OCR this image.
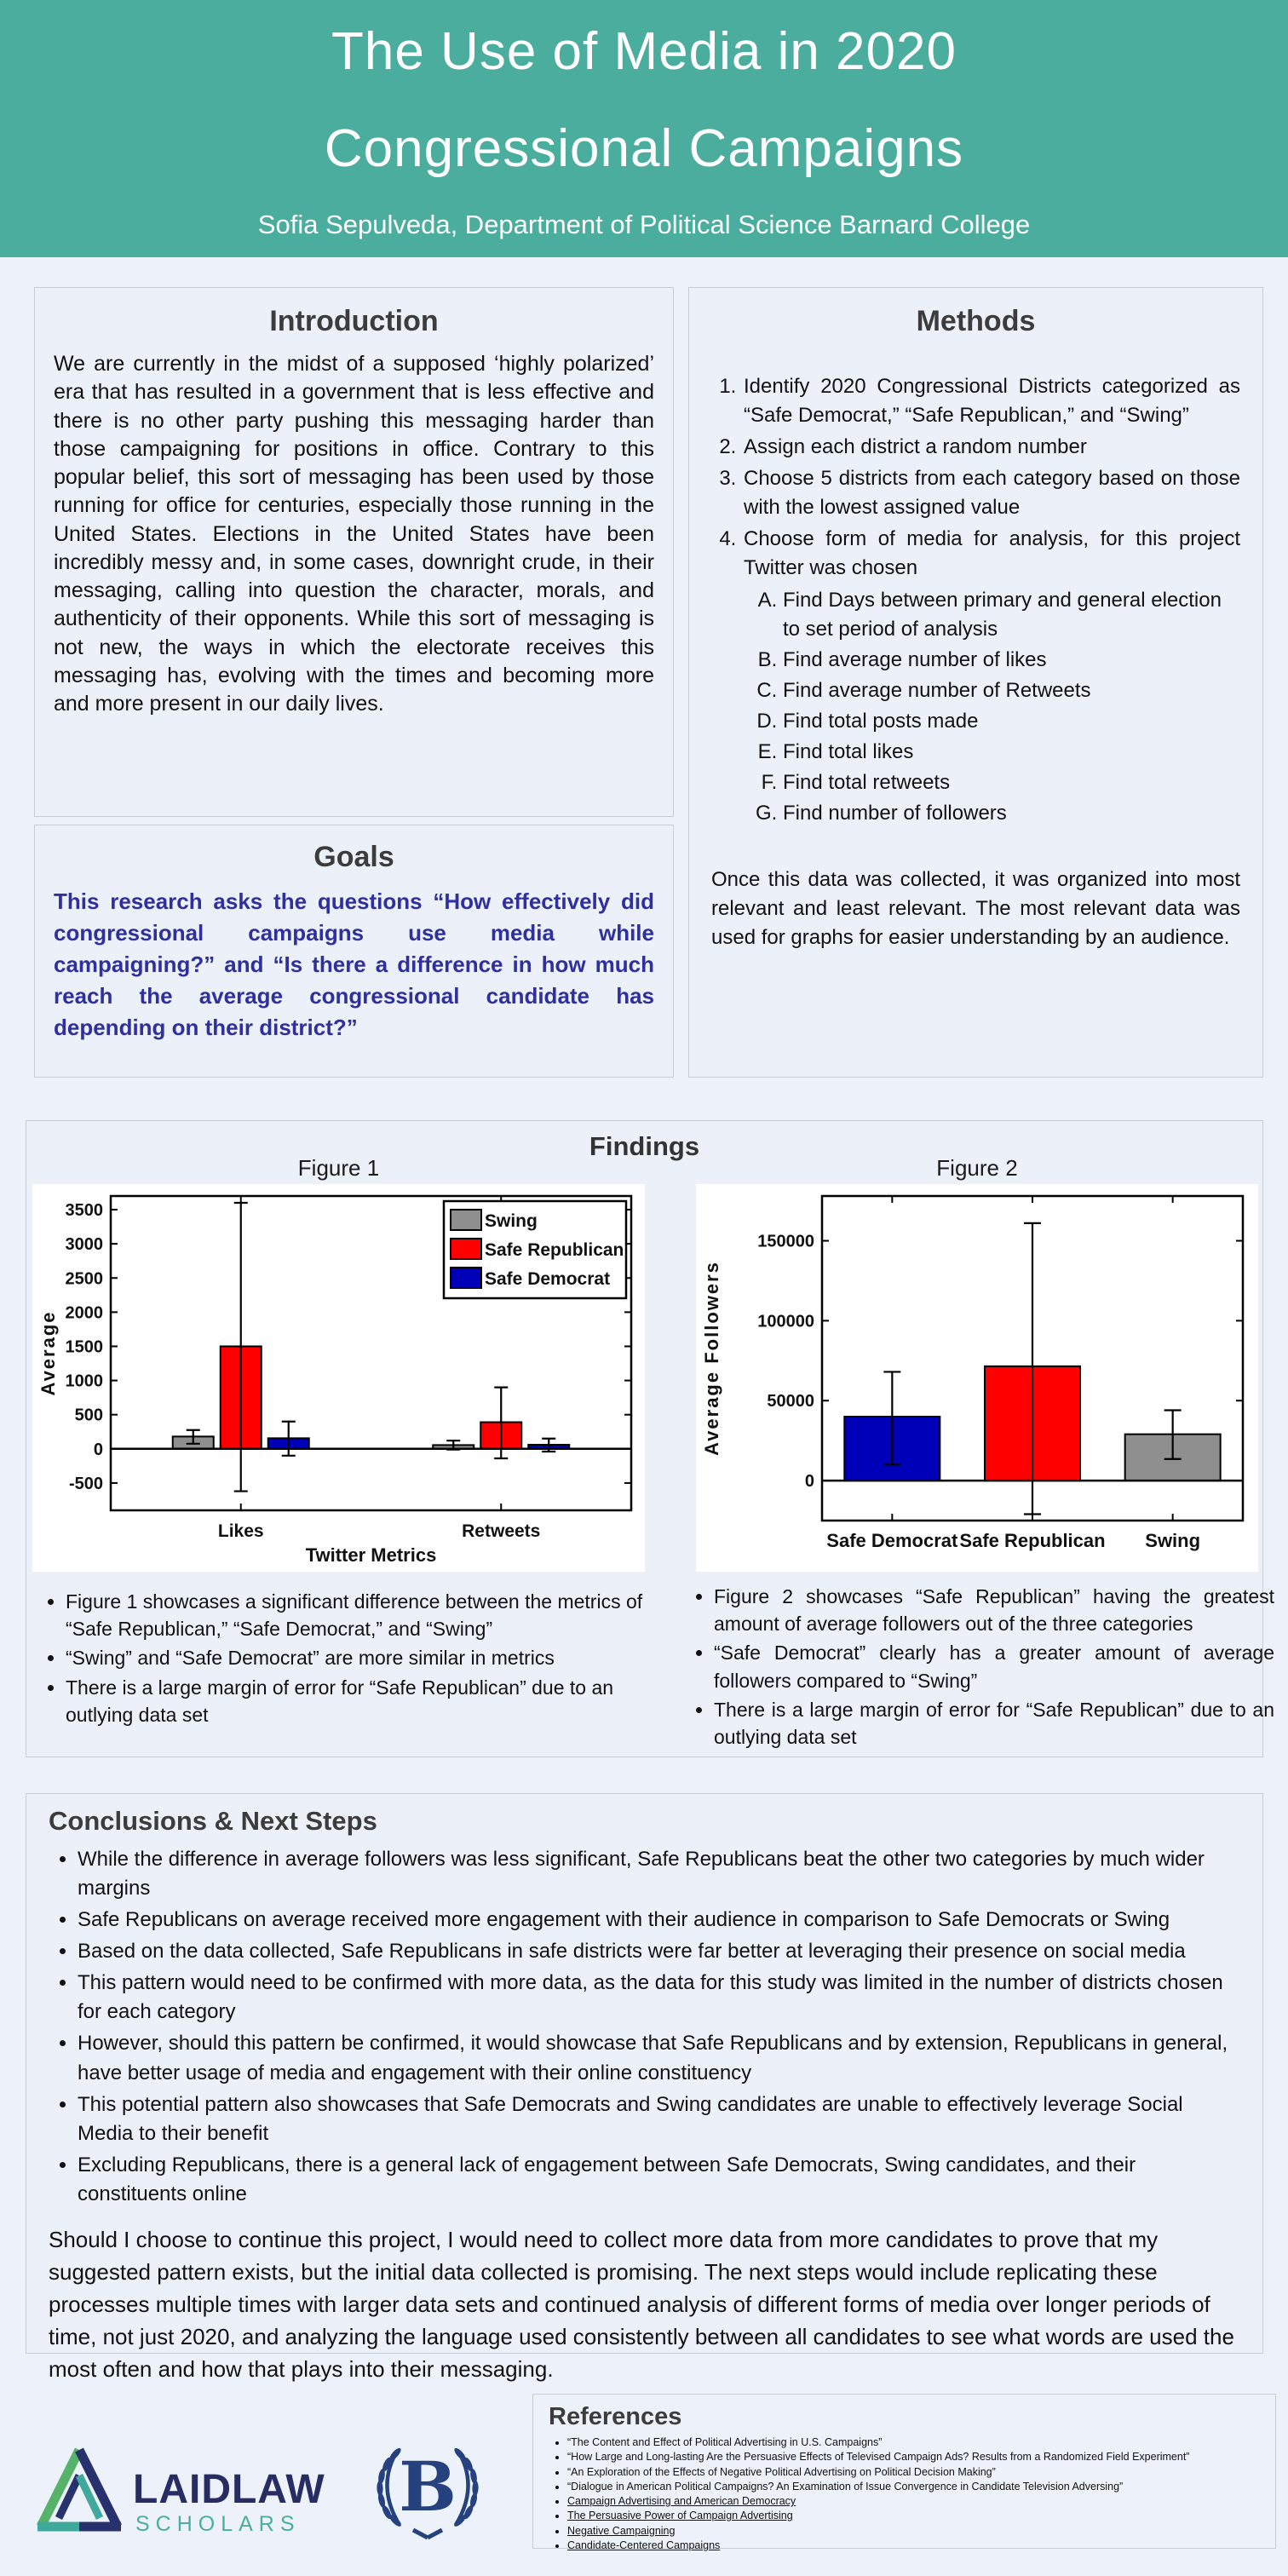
The Use of Media in 2020
Congressional Campaigns
Sofia Sepulveda, Department of Political Science Barnard College
Introduction

We are currently in the midst of a supposed ‘highly polarized’ era that has resulted in a government that is less effective and there is no other party pushing this messaging harder than those campaigning for positions in office. Contrary to this popular belief, this sort of messaging has been used by those running for office for centuries, especially those running in the United States. Elections in the United States have been incredibly messy and, in some cases, downright crude, in their messaging, calling into question the character, morals, and authenticity of their opponents. While this sort of messaging is not new, the ways in which the electorate receives this messaging has, evolving with the times and becoming more and more present in our daily lives.

Goals

This research asks the questions “How effectively did congressional campaigns use media while campaigning?” and “Is there a difference in how much reach the average congressional candidate has depending on their district?”

Methods
1. Identify 2020 Congressional Districts categorized as “Safe Democrat,” “Safe Republican,” and “Swing”
2. Assign each district a random number
3. Choose 5 districts from each category based on those with the lowest assigned value
4. Choose form of media for analysis, for this project Twitter was chosen
A. Find Days between primary and general election to set period of analysis
B. Find average number of likes
C. Find average number of Retweets
D. Find total posts made
E. Find total likes
F. Find total retweets
G. Find number of followers

Once this data was collected, it was organized into most relevant and least relevant. The most relevant data was used for graphs for easier understanding by an audience.

Findings
Figure 1	Figure 2
-500
0
500
1000
1500
2000
2500
3000
3500
Likes	Retweets
Average
Twitter Metrics
Swing
Safe Republican
Safe Democrat
0
50000
100000
150000
Safe Democrat Safe Republican Swing
Average Followers
• Figure 1 showcases a significant difference between the metrics of “Safe Republican,” “Safe Democrat,” and “Swing”
• “Swing” and “Safe Democrat” are more similar in metrics
• There is a large margin of error for “Safe Republican” due to an outlying data set
• Figure 2 showcases “Safe Republican” having the greatest amount of average followers out of the three categories
• “Safe Democrat” clearly has a greater amount of average followers compared to “Swing”
• There is a large margin of error for “Safe Republican” due to an outlying data set
Conclusions & Next Steps
• While the difference in average followers was less significant, Safe Republicans beat the other two categories by much wider margins
• Safe Republicans on average received more engagement with their audience in comparison to Safe Democrats or Swing
• Based on the data collected, Safe Republicans in safe districts were far better at leveraging their presence on social media
• This pattern would need to be confirmed with more data, as the data for this study was limited in the number of districts chosen for each category
• However, should this pattern be confirmed, it would showcase that Safe Republicans and by extension, Republicans in general, have better usage of media and engagement with their online constituency
• This potential pattern also showcases that Safe Democrats and Swing candidates are unable to effectively leverage Social Media to their benefit
• Excluding Republicans, there is a general lack of engagement between Safe Democrats, Swing candidates, and their constituents online

Should I choose to continue this project, I would need to collect more data from more candidates to prove that my suggested pattern exists, but the initial data collected is promising. The next steps would include replicating these processes multiple times with larger data sets and continued analysis of different forms of media over longer periods of time, not just 2020, and analyzing the language used consistently between all candidates to see what words are used the most often and how that plays into their messaging.

References
• “The Content and Effect of Political Advertising in U.S. Campaigns”
• “How Large and Long-lasting Are the Persuasive Effects of Televised Campaign Ads? Results from a Randomized Field Experiment”
• “An Exploration of the Effects of Negative Political Advertising on Political Decision Making”
• “Dialogue in American Political Campaigns? An Examination of Issue Convergence in Candidate Television Adversing”
• Campaign Advertising and American Democracy
• The Persuasive Power of Campaign Advertising
• Negative Campaigning
• Candidate-Centered Campaigns
LAIDLAW
SCHOLARS B
